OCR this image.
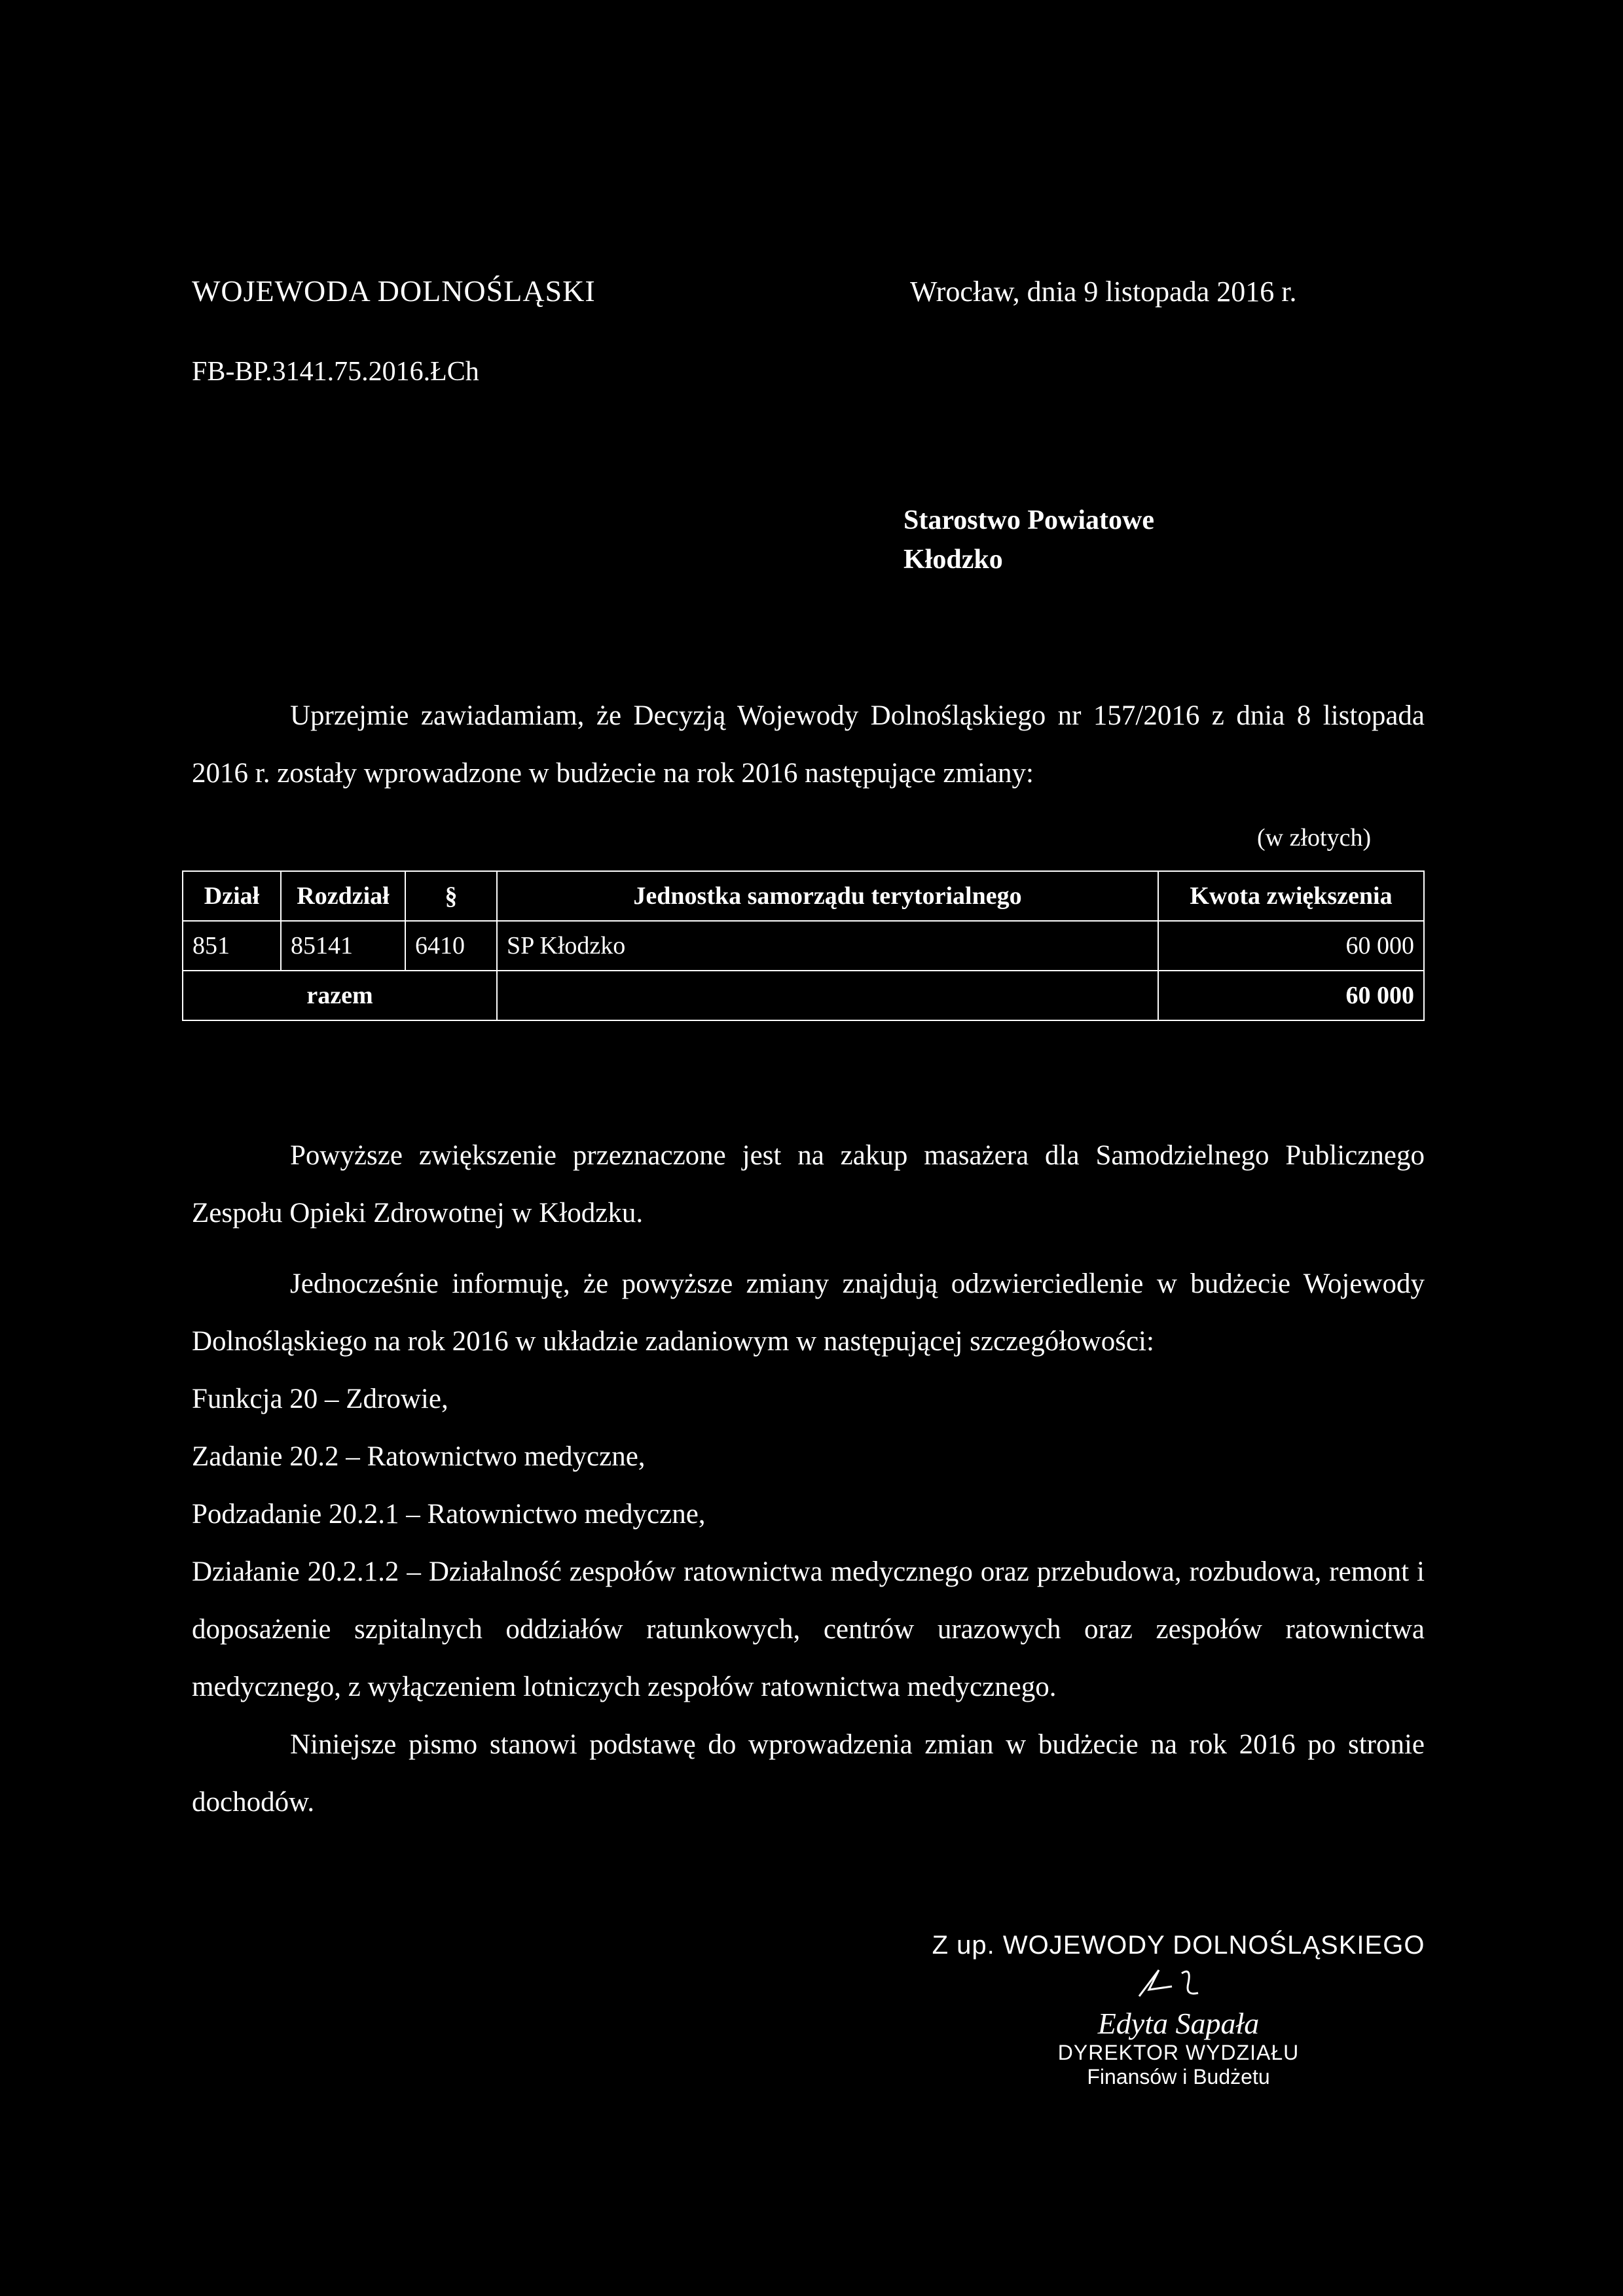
WOJEWODA DOLNOŚLĄSKI	Wrocław, dnia 9 listopada 2016 r.
FB-BP.3141.75.2016.ŁCh
Starostwo Powiatowe
Kłodzko
Uprzejmie zawiadamiam, że Decyzją Wojewody Dolnośląskiego nr 157/2016 z dnia 8 listopada 2016 r. zostały wprowadzone w budżecie na rok 2016 następujące zmiany:
(w złotych)
Dział	Rozdział	§	Jednostka samorządu terytorialnego	Kwota zwiększenia
851	85141	6410	SP Kłodzko	60 000
razem				60 000
Powyższe zwiększenie przeznaczone jest na zakup masażera dla Samodzielnego Publicznego Zespołu Opieki Zdrowotnej w Kłodzku.
Jednocześnie informuję, że powyższe zmiany znajdują odzwierciedlenie w budżecie Wojewody Dolnośląskiego na rok 2016 w układzie zadaniowym w następującej szczegółowości:
Funkcja 20 – Zdrowie,
Zadanie 20.2 – Ratownictwo medyczne,
Podzadanie 20.2.1 – Ratownictwo medyczne,
Działanie 20.2.1.2 – Działalność zespołów ratownictwa medycznego oraz przebudowa, rozbudowa, remont i doposażenie szpitalnych oddziałów ratunkowych, centrów urazowych oraz zespołów ratownictwa medycznego, z wyłączeniem lotniczych zespołów ratownictwa medycznego.
Niniejsze pismo stanowi podstawę do wprowadzenia zmian w budżecie na rok 2016 po stronie dochodów.
Z up. WOJEWODY DOLNOŚLĄSKIEGO
Edyta Sapała
DYREKTOR WYDZIAŁU
Finansów i Budżetu
